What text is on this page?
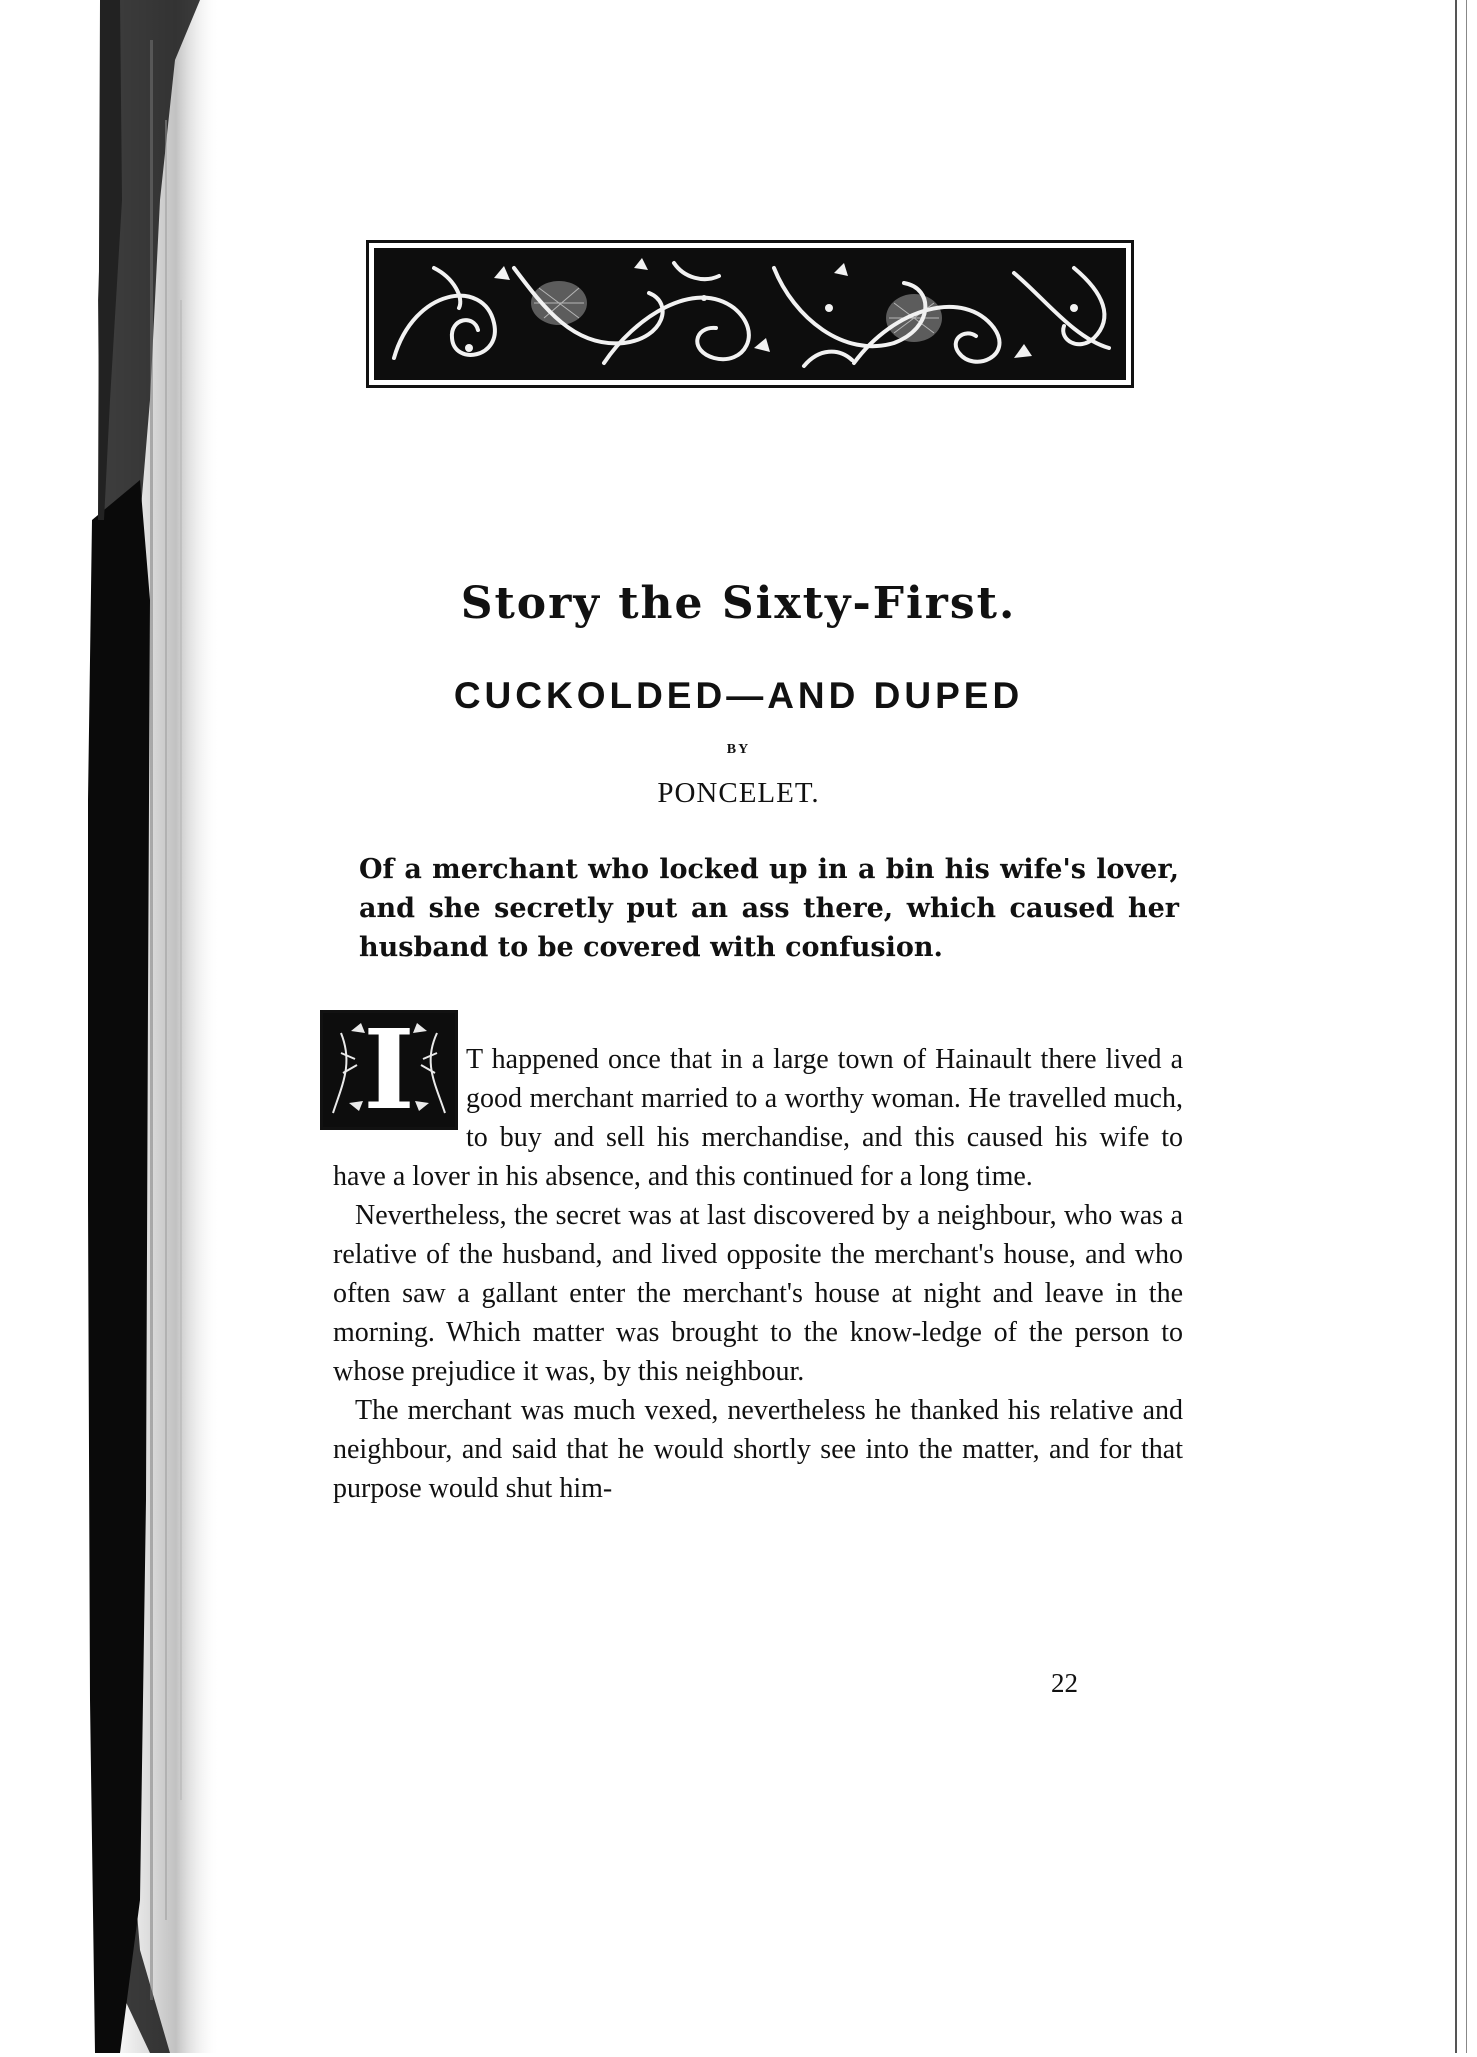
Story the Sixty-First.
CUCKOLDED—AND DUPED
BY
PONCELET.

Of a merchant who locked up in a bin his wife's lover, and she secretly put an ass there, which caused her husband to be covered with confusion.

I	T happened once that in a large town of Hainault there lived a good merchant married to a worthy woman. He travelled much, to buy and sell his merchandise, and this caused his wife to have a lover in his absence, and this continued for a long time.

Nevertheless, the secret was at last discovered by a neighbour, who was a relative of the husband, and lived opposite the merchant's house, and who often saw a gallant enter the merchant's house at night and leave in the morning. Which matter was brought to the know-ledge of the person to whose prejudice it was, by this neighbour.

The merchant was much vexed, nevertheless he thanked his relative and neighbour, and said that he would shortly see into the matter, and for that purpose would shut him-

22
